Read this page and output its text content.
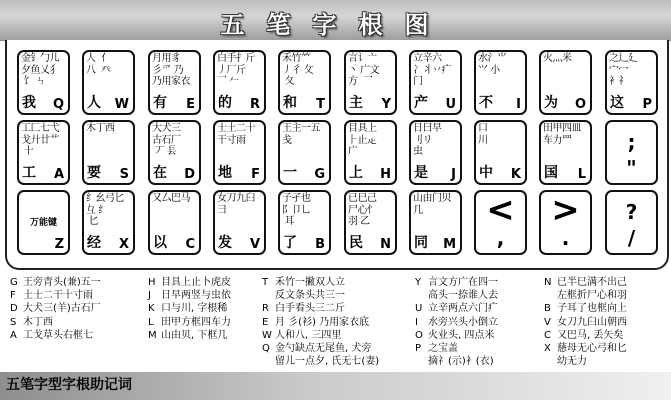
五笔字根图
金钅勹儿
夕鱼乂犭
饣 ㄣ
我 Q
人  亻
八  癶
人 W
月用豸
彡爫 乃
乃用家衣
有 E
白手扌斤
丿厂斤
乛 𠂉
的 R
禾竹⺮
丿彳 攵
夂
和 T
言讠亠
丶 广文
方  乛
主 Y
立辛六
冫丬丷疒
门
产 U
水氵⺌
⺍ 小

不 I
火灬米

为 O
之辶廴
宀冖
衤礻
这 P
工匚七弋
戈廾廿艹
十
工 A
木丁西

要 S
大犬三
古石厂
丆 镸
在 D
士土二十
干寸雨

地 F
王主一五
戋

一 G
目具上
⺊止龰
广
上 H
日曰早
刂リ
虫
是 J
口
川

中 K
田甲四皿
车力罒

国 L
;
"
万能键
Z
纟幺弓匕
彑 纟
匕
经 X
又厶巴马

以 C
女刀九臼
彐

发 V
子孑也
阝卩乚
耳
了 B
已巳己
尸心忄
羽 乙
民 N
山由门贝
几

同 M
<
,
>
.
?
/
G 王旁青头(兼)五一
F 土士二干十寸雨
D 大犬三(羊)古石厂
S 木丁西
A 工戈草头右框七
H 目具上止卜虎皮
J 日早两竖与虫依
K 口与川, 字根稀
L 田甲方框四车力
M 山由贝, 下框几
T 禾竹一撇双人立
反文条头共三一
R 白手看头三二斤
E 月 彡(衫) 乃用家衣底
W 人和八, 三四里
Q 金勺缺点无尾鱼, 犬旁
留儿一点夕, 氏无七(妻)
Y 言文方广在四一
高头一捺谁人去
U 立辛两点六门疒
I 水旁兴头小倒立
O 火业头, 四点米
P 之宝盖
摘礻(示)衤(衣)
N 已半巳满不出己
左框折尸心和羽
B 子耳了也框向上
V 女刀九臼山朝西
C 又巴马, 丢矢矣
X 慈母无心弓和匕
幼无力
五笔字型字根助记词
